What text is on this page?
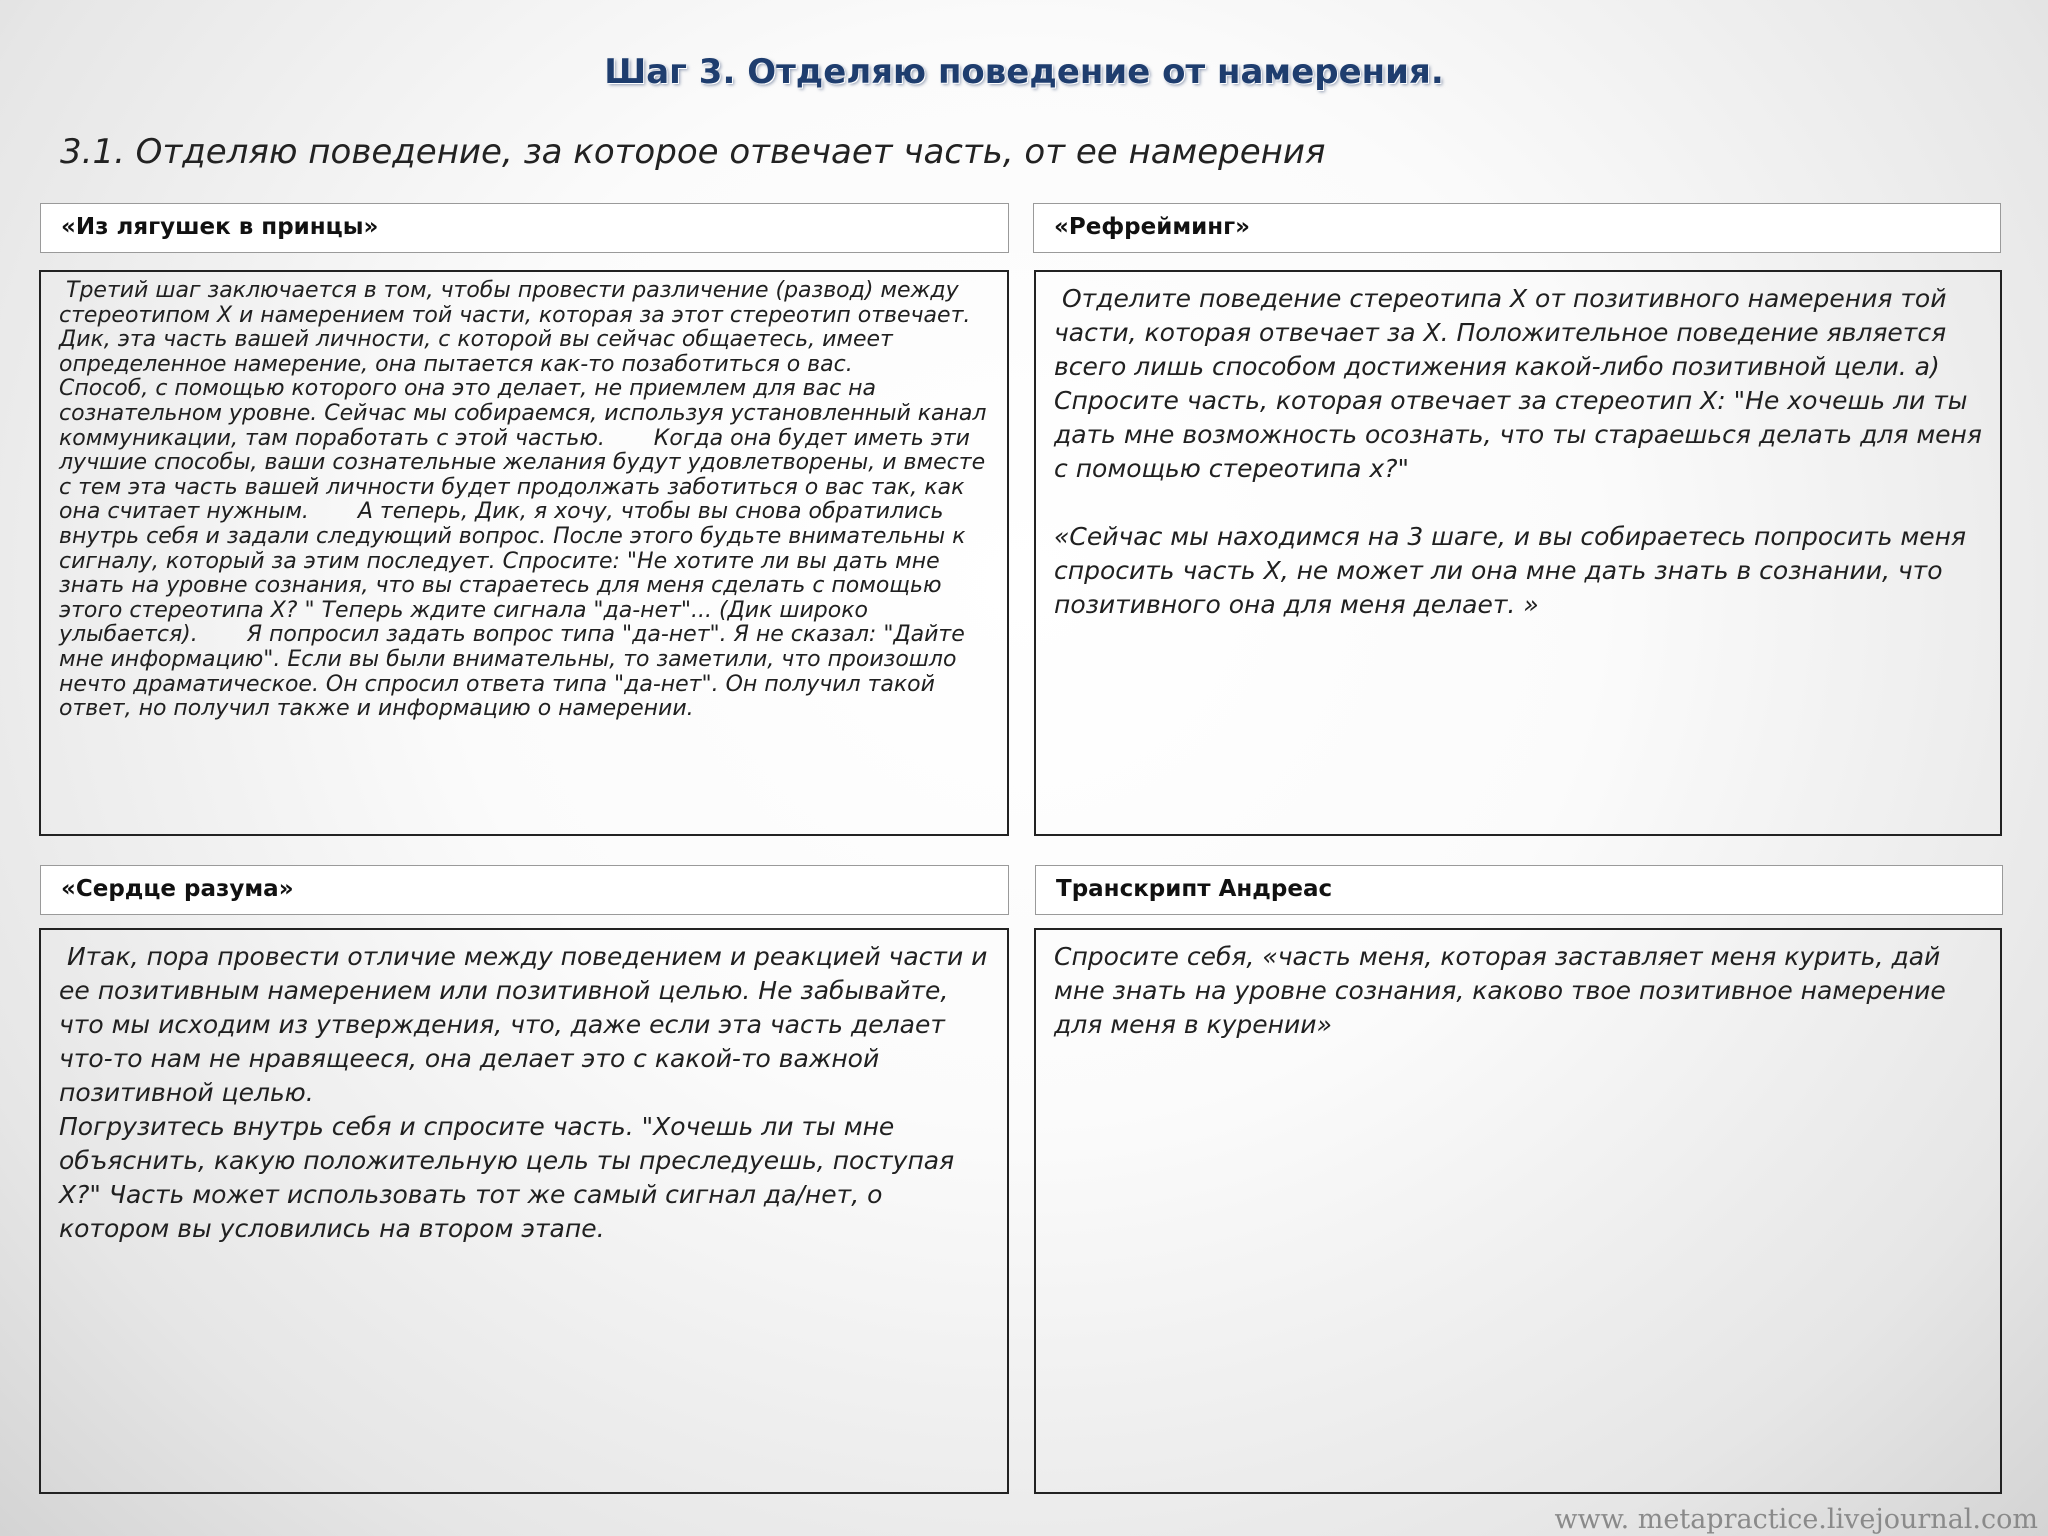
Шаг 3. Отделяю поведение от намерения.
3.1. Отделяю поведение, за которое отвечает часть, от ее намерения
«Из лягушек в принцы»

Третий шаг заключается в том, чтобы провести различение (развод) между стереотипом X и намерением той части, которая за этот стереотип отвечает. Дик, эта часть вашей личности, с которой вы сейчас общаетесь, имеет определенное намерение, она пытается как-то позаботиться о вас.       Способ, с помощью которого она это делает, не приемлем для вас на сознательном уровне. Сейчас мы собираемся, используя установленный канал коммуникации, там поработать с этой частью.       Когда она будет иметь эти лучшие способы, ваши сознательные желания будут удовлетворены, и вместе с тем эта часть вашей личности будет продолжать заботиться о вас так, как она считает нужным.       А теперь, Дик, я хочу, чтобы вы снова обратились внутрь себя и задали следующий вопрос. После этого будьте внимательны к сигналу, который за этим последует. Спросите: "Не хотите ли вы дать мне знать на уровне сознания, что вы стараетесь для меня сделать с помощью этого стереотипа X? " Теперь ждите сигнала "да-нет"... (Дик широко улыбается).       Я попросил задать вопрос типа "да-нет". Я не сказал: "Дайте мне информацию". Если вы были внимательны, то заметили, что произошло нечто драматическое. Он спросил ответа типа "да-нет". Он получил такой ответ, но получил также и информацию о намерении.

«Рефрейминг»

Отделите поведение стереотипа X от позитивного намерения той части, которая отвечает за X. Положительное поведение является всего лишь способом достижения какой-либо позитивной цели. а) Спросите часть, которая отвечает за стереотип X: "Не хочешь ли ты дать мне возможность осознать, что ты стараешься делать для меня с помощью стереотипа х?"

«Сейчас мы находимся на 3 шаге, и вы собираетесь попросить меня спросить часть Х, не может ли она мне дать знать в сознании, что позитивного она для меня делает. »

«Сердце разума»

Итак, пора провести отличие между поведением и реакцией части и ее позитивным намерением или позитивной целью. Не забывайте, что мы исходим из утверждения, что, даже если эта часть делает что-то нам не нравящееся, она делает это с какой-то важной позитивной целью.
Погрузитесь внутрь себя и спросите часть. "Хочешь ли ты мне объяснить, какую положительную цель ты преследуешь, поступая Х?" Часть может использовать тот же самый сигнал да/нет, о котором вы условились на втором этапе.

Транскрипт Андреас

Спросите себя, «часть меня, которая заставляет меня курить, дай мне знать на уровне сознания, каково твое позитивное намерение для меня в курении»

www. metapractice.livejournal.com
